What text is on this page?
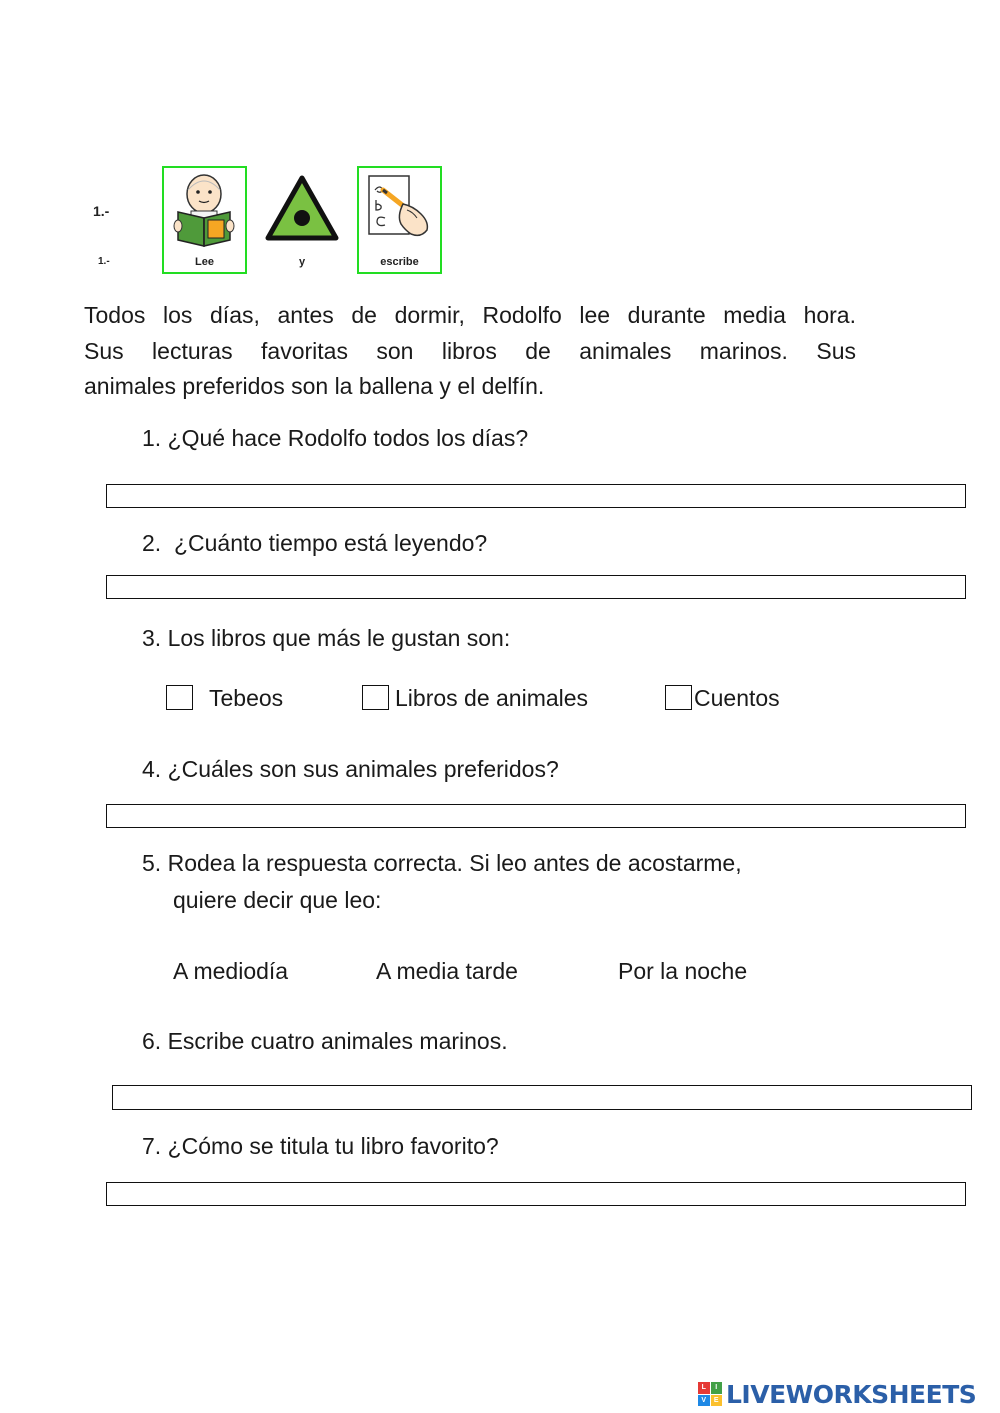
1.-
1.-	Lee	y	escribe
Todos los días, antes de dormir, Rodolfo lee durante media hora.
Sus lecturas favoritas son libros de animales marinos. Sus
animales preferidos son la ballena y el delfín.
1. ¿Qué hace Rodolfo todos los días?
2.  ¿Cuánto tiempo está leyendo?
3. Los libros que más le gustan son:
Tebeos	Libros de animales	Cuentos
4. ¿Cuáles son sus animales preferidos?
5. Rodea la respuesta correcta. Si leo antes de acostarme,
quiere decir que leo:
A mediodía	A media tarde	Por la noche
6. Escribe cuatro animales marinos.
7. ¿Cómo se titula tu libro favorito?
L	I
V	E LIVEWORKSHEETS
